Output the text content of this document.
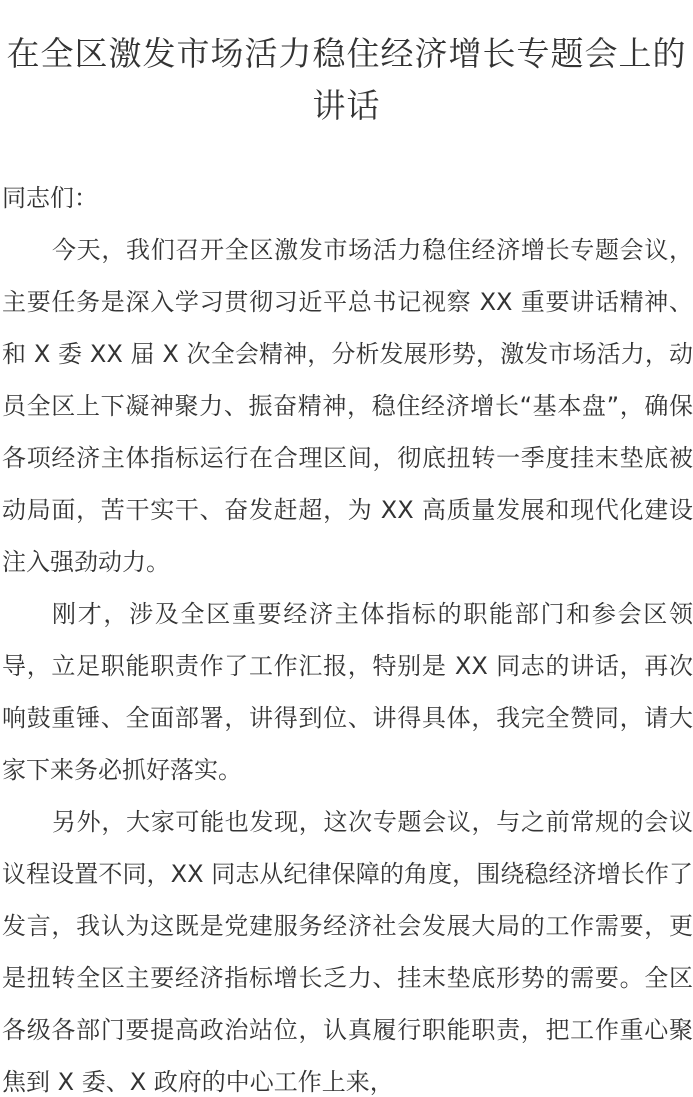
在全区激发市场活力稳住经济增长专题会上的讲话

同志们：

今天，我们召开全区激发市场活力稳住经济增长专题会议，主要任务是深入学习贯彻习近平总书记视察 XX 重要讲话精神、和 X 委 XX 届 X 次全会精神，分析发展形势，激发市场活力，动员全区上下凝神聚力、振奋精神，稳住经济增长“基本盘”，确保各项经济主体指标运行在合理区间，彻底扭转一季度挂末垫底被动局面，苦干实干、奋发赶超，为 XX 高质量发展和现代化建设注入强劲动力。

刚才，涉及全区重要经济主体指标的职能部门和参会区领导，立足职能职责作了工作汇报，特别是 XX 同志的讲话，再次响鼓重锤、全面部署，讲得到位、讲得具体，我完全赞同，请大家下来务必抓好落实。

另外，大家可能也发现，这次专题会议，与之前常规的会议议程设置不同，XX 同志从纪律保障的角度，围绕稳经济增长作了发言，我认为这既是党建服务经济社会发展大局的工作需要，更是扭转全区主要经济指标增长乏力、挂末垫底形势的需要。全区各级各部门要提高政治站位，认真履行职能职责，把工作重心聚焦到 X 委、X 政府的中心工作上来，
